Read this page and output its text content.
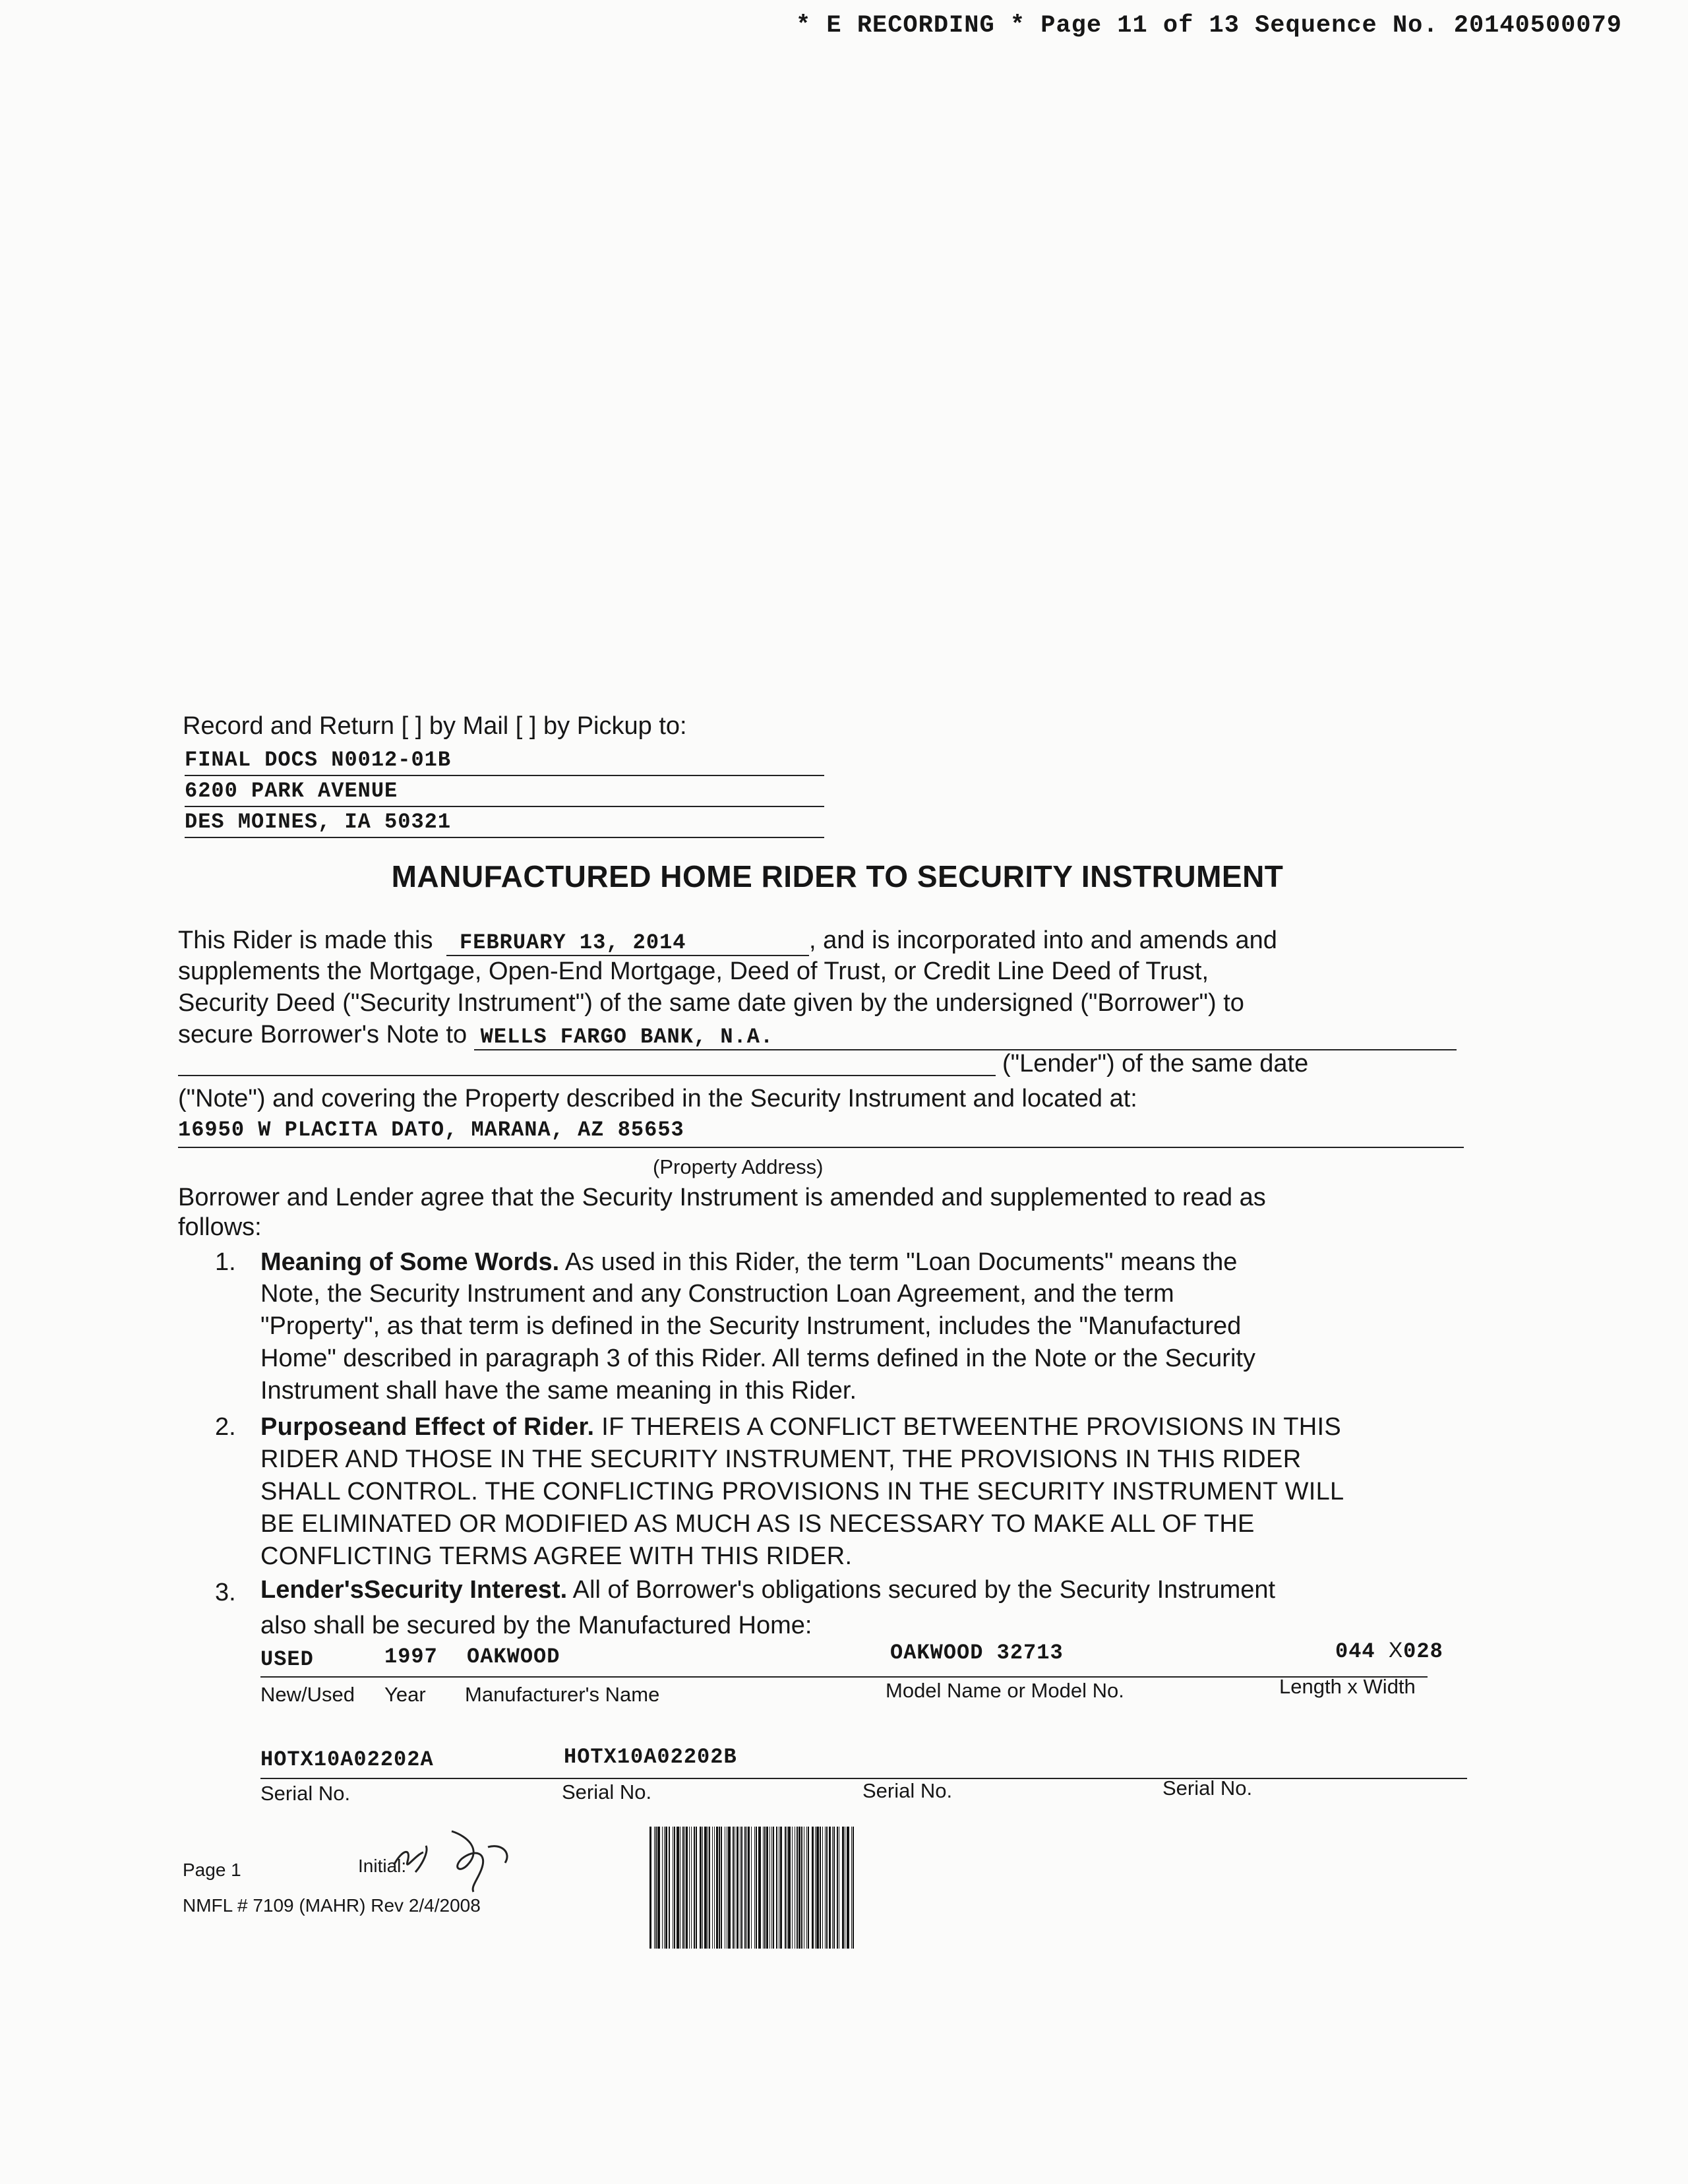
* E RECORDING * Page 11 of 13 Sequence No. 20140500079
Record and Return [ ] by Mail [ ] by Pickup to:
FINAL DOCS N0012-01B
6200 PARK AVENUE
DES MOINES, IA 50321
MANUFACTURED HOME RIDER TO SECURITY INSTRUMENT
This Rider is made this FEBRUARY 13, 2014	, and is incorporated into and amends and
supplements the Mortgage, Open-End Mortgage, Deed of Trust, or Credit Line Deed of Trust,
Security Deed ("Security Instrument") of the same date given by the undersigned ("Borrower") to
secure Borrower's Note to WELLS FARGO BANK, N.A.
("Lender") of the same date
("Note") and covering the Property described in the Security Instrument and located at:
16950 W PLACITA DATO, MARANA, AZ 85653
(Property Address)
Borrower and Lender agree that the Security Instrument is amended and supplemented to read as
follows:
1. Meaning of Some Words. As used in this Rider, the term "Loan Documents" means the
Note, the Security Instrument and any Construction Loan Agreement, and the term
"Property", as that term is defined in the Security Instrument, includes the "Manufactured
Home" described in paragraph 3 of this Rider. All terms defined in the Note or the Security
Instrument shall have the same meaning in this Rider.
2. Purposeand Effect of Rider. IF THEREIS A CONFLICT BETWEENTHE PROVISIONS IN THIS
RIDER AND THOSE IN THE SECURITY INSTRUMENT, THE PROVISIONS IN THIS RIDER
SHALL CONTROL. THE CONFLICTING PROVISIONS IN THE SECURITY INSTRUMENT WILL
BE ELIMINATED OR MODIFIED AS MUCH AS IS NECESSARY TO MAKE ALL OF THE
CONFLICTING TERMS AGREE WITH THIS RIDER.
3. Lender'sSecurity Interest. All of Borrower's obligations secured by the Security Instrument
also shall be secured by the Manufactured Home:
USED	1997 OAKWOOD	OAKWOOD 32713	044 X028
New/Used Year Manufacturer's Name	Model Name or Model No.	Length x Width
HOTX10A02202A	HOTX10A02202B
Serial No.	Serial No.	Serial No.	Serial No.
Page 1	Initial:
NMFL # 7109 (MAHR) Rev 2/4/2008
